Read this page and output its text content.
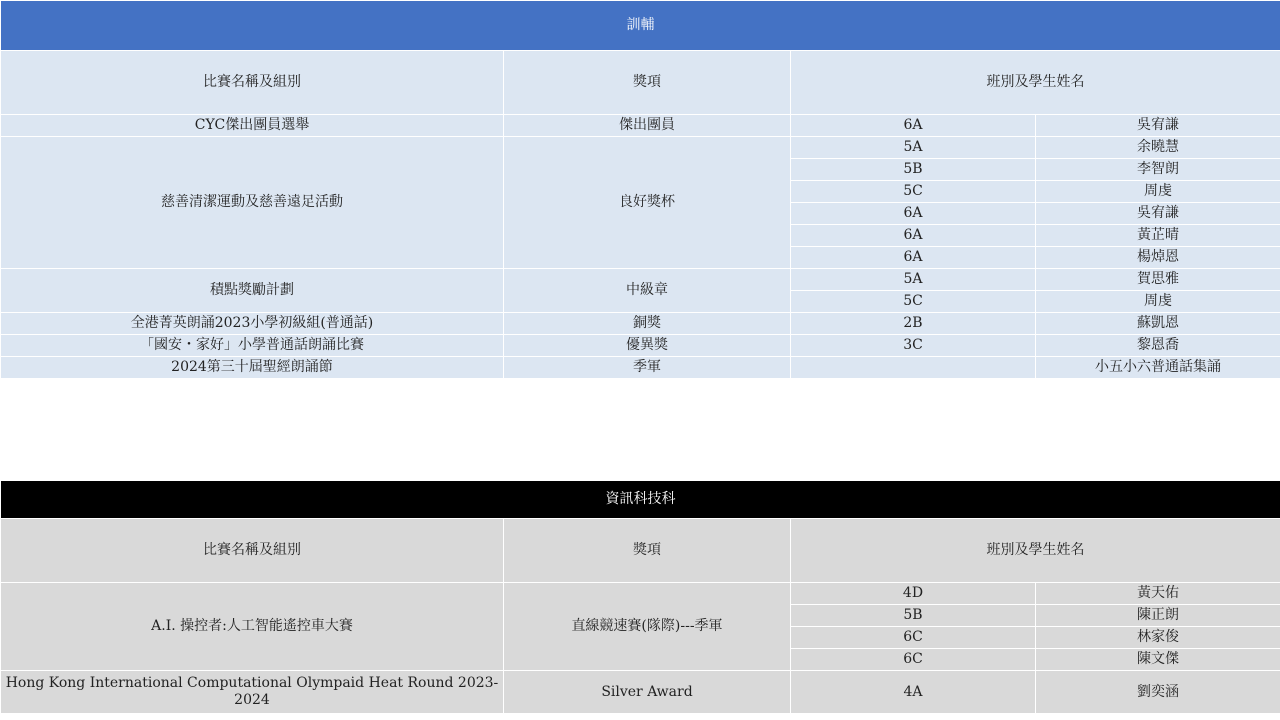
訓輔			
比賽名稱及組別	獎項	班別及學生姓名	
CYC傑出團員選舉	傑出團員	6A	吳宥謙
慈善清潔運動及慈善遠足活動	良好獎杯	5A	余曉慧
		5B	李智朗
		5C	周虔
		6A	吳宥謙
		6A	黃芷晴
		6A	楊焯恩
積點獎勵計劃	中級章	5A	賀思雅
		5C	周虔
全港菁英朗誦2023小學初級組(普通話)	銅獎	2B	蘇凱恩
「國安・家好」小學普通話朗誦比賽	優異獎	3C	黎恩喬
2024第三十屆聖經朗誦節	季軍		小五小六普通話集誦
資訊科技科			
比賽名稱及組別	獎項	班別及學生姓名	
A.I. 操控者:人工智能遙控車大賽	直線競速賽(隊際)---季軍	4D	黃天佑
		5B	陳正朗
		6C	林家俊
		6C	陳文傑
Hong Kong International Computational Olympaid Heat Round 2023-2024	Silver Award	4A	劉奕涵
